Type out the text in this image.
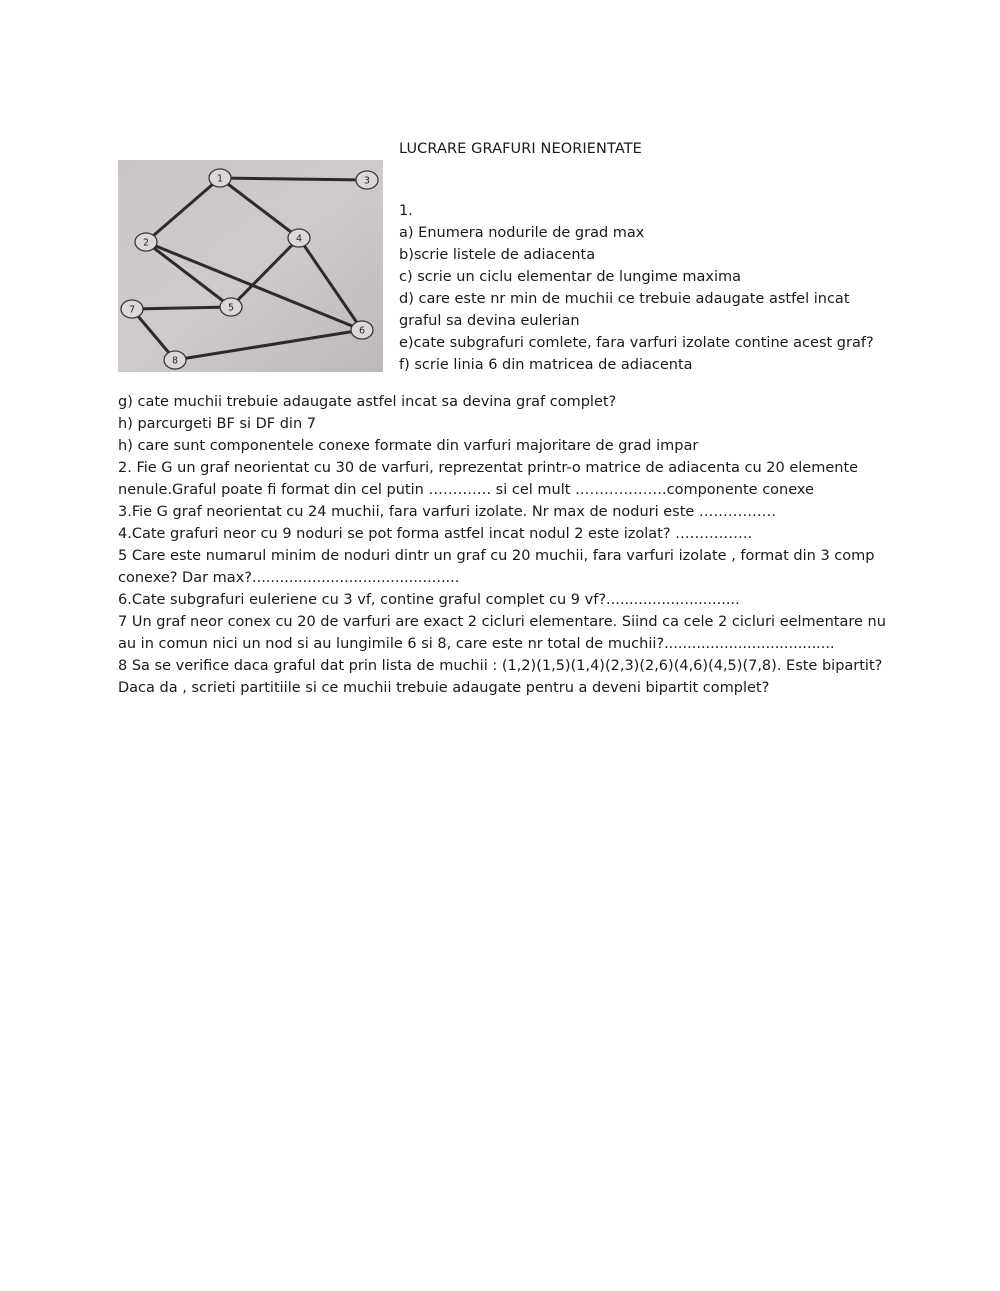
1
2
3
4
5
6
7
8
LUCRARE GRAFURI NEORIENTATE
1.
a) Enumera nodurile de grad max
b)scrie listele de adiacenta
c) scrie un ciclu elementar de lungime maxima
d) care este nr min de muchii ce trebuie adaugate astfel incat
graful sa devina eulerian
e)cate subgrafuri comlete, fara varfuri izolate contine acest graf?
f) scrie linia 6 din matricea de adiacenta
g) cate muchii trebuie adaugate astfel incat sa devina graf complet?
h) parcurgeti BF si DF din 7
h) care sunt componentele conexe formate din varfuri majoritare de grad impar
2. Fie G un graf neorientat cu 30 de varfuri, reprezentat printr-o matrice de adiacenta cu 20 elemente
nenule.Graful poate fi format din cel putin …………. si cel mult ……………….componente conexe
3.Fie G graf neorientat cu 24 muchii, fara varfuri izolate. Nr max de noduri este …………….
4.Cate grafuri neor cu 9 noduri se pot forma astfel incat nodul 2 este izolat? …………….
5 Care este numarul minim de noduri dintr un graf cu 20 muchii, fara varfuri izolate , format din 3 comp
conexe? Dar max?.............................................
6.Cate subgrafuri euleriene cu 3 vf, contine graful complet cu 9 vf?.............................
7 Un graf neor conex cu 20 de varfuri are exact 2 cicluri elementare. Siind ca cele 2 cicluri eelmentare nu
au in comun nici un nod si au lungimile 6 si 8, care este nr total de muchii?.....................................
8 Sa se verifice daca graful dat prin lista de muchii : (1,2)(1,5)(1,4)(2,3)(2,6)(4,6)(4,5)(7,8). Este bipartit?
Daca da , scrieti partitiile si ce muchii trebuie adaugate pentru a deveni bipartit complet?
